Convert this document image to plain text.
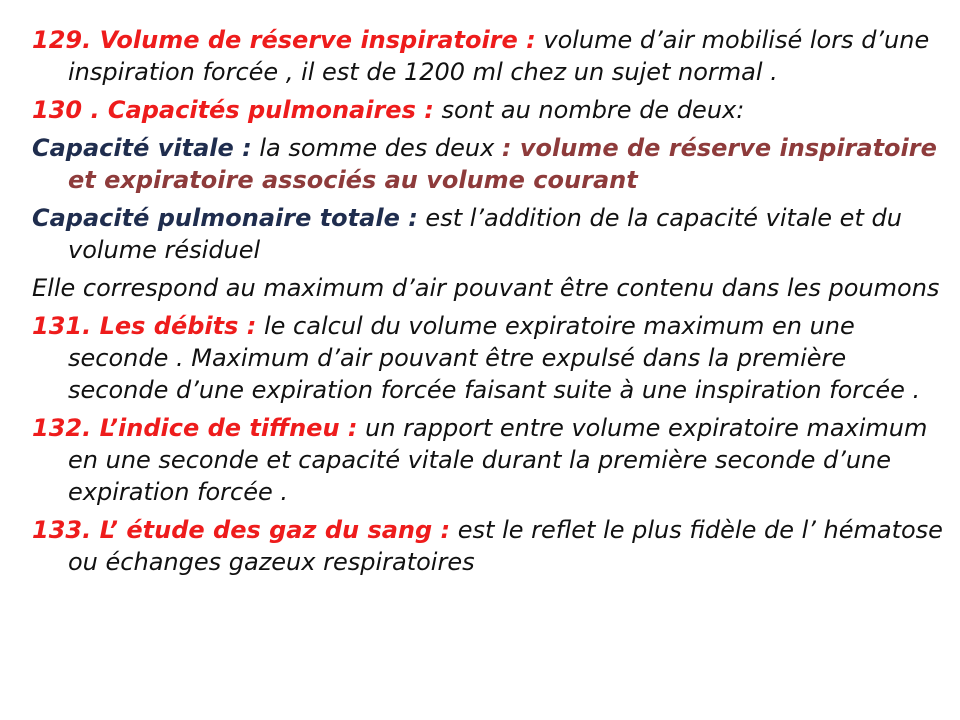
129. Volume de réserve inspiratoire : volume d’air mobilisé lors d’une inspiration forcée , il est de 1200 ml chez un sujet normal .

130 . Capacités pulmonaires : sont au nombre de deux:

Capacité vitale : la somme des deux : volume de réserve inspiratoire et expiratoire associés au volume courant

Capacité pulmonaire totale : est l’addition de la capacité vitale et du volume résiduel

Elle correspond au maximum d’air pouvant être contenu dans les poumons

131. Les débits : le calcul du volume expiratoire maximum en une seconde . Maximum d’air pouvant être expulsé dans la première seconde d’une expiration forcée faisant suite à une inspiration forcée .

132. L’indice de tiffneu : un rapport entre volume expiratoire maximum en une seconde et capacité vitale durant la première seconde d’une expiration forcée .

133. L’ étude des gaz du sang : est le reflet le plus fidèle de l’ hématose ou échanges gazeux respiratoires
